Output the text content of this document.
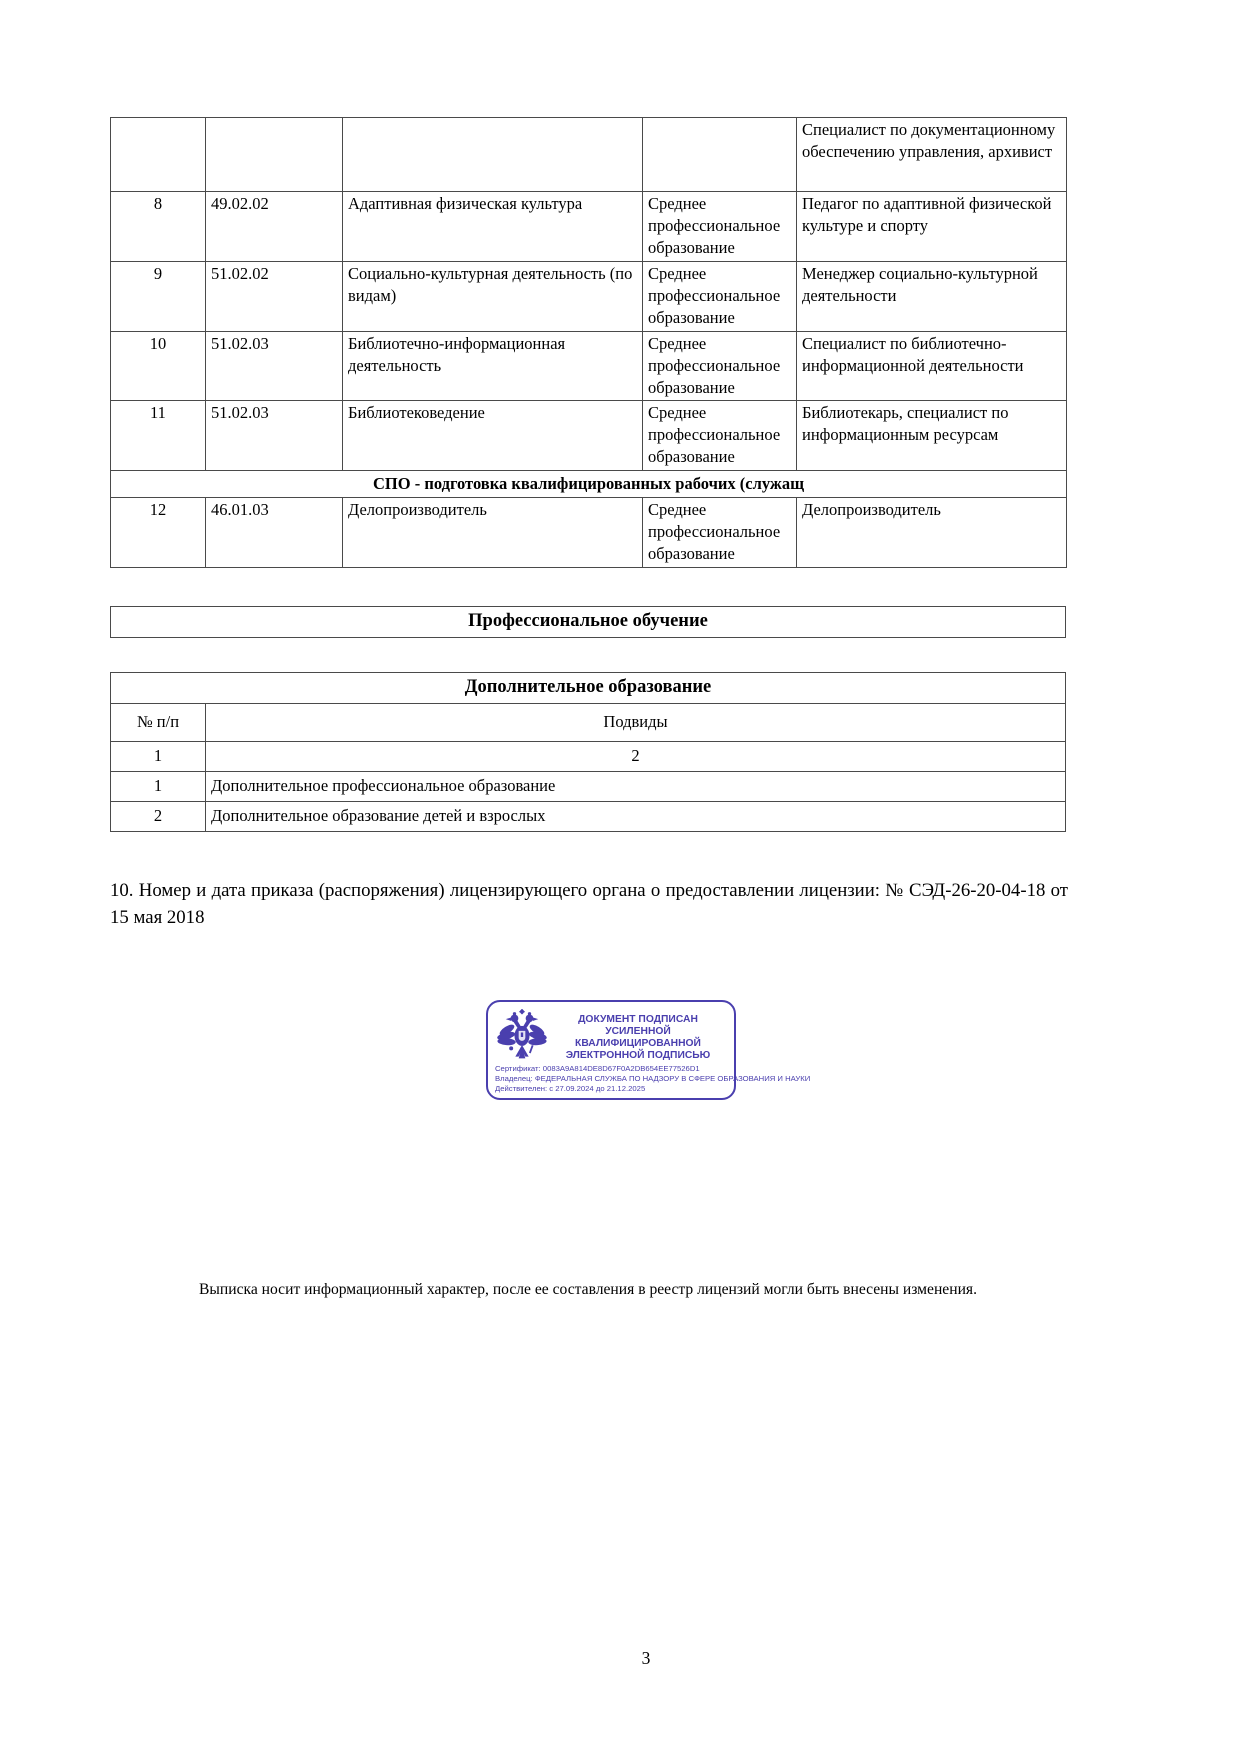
				Специалист по документационному обеспечению управления, архивист
8	49.02.02	Адаптивная физическая культура	Среднее профессиональное образование	Педагог по адаптивной физической культуре и спорту
9	51.02.02	Социально-культурная деятельность (по видам)	Среднее профессиональное образование	Менеджер социально-культурной деятельности
10	51.02.03	Библиотечно-информационная деятельность	Среднее профессиональное образование	Специалист по библиотечно-информационной деятельности
11	51.02.03	Библиотековедение	Среднее профессиональное образование	Библиотекарь, специалист по информационным ресурсам
СПО - подготовка квалифицированных рабочих (служащ				
12	46.01.03	Делопроизводитель	Среднее профессиональное образование	Делопроизводитель
Профессиональное обучение
Дополнительное образование	
№ п/п	Подвиды
1	2
1	Дополнительное профессиональное образование
2	Дополнительное образование детей и взрослых
10. Номер и дата приказа (распоряжения) лицензирующего органа о предоставлении лицензии: № СЭД-26-20-04-18 от 15 мая 2018
ДОКУМЕНТ ПОДПИСАН
УСИЛЕННОЙ КВАЛИФИЦИРОВАННОЙ
ЭЛЕКТРОННОЙ ПОДПИСЬЮ
Сертификат: 0083A9A814DE8D67F0A2DB654EE77526D1
Владелец: ФЕДЕРАЛЬНАЯ СЛУЖБА ПО НАДЗОРУ В СФЕРЕ ОБРАЗОВАНИЯ И НАУКИ
Действителен: с 27.09.2024 до 21.12.2025
Выписка носит информационный характер, после ее составления в реестр лицензий могли быть внесены изменения.
3
